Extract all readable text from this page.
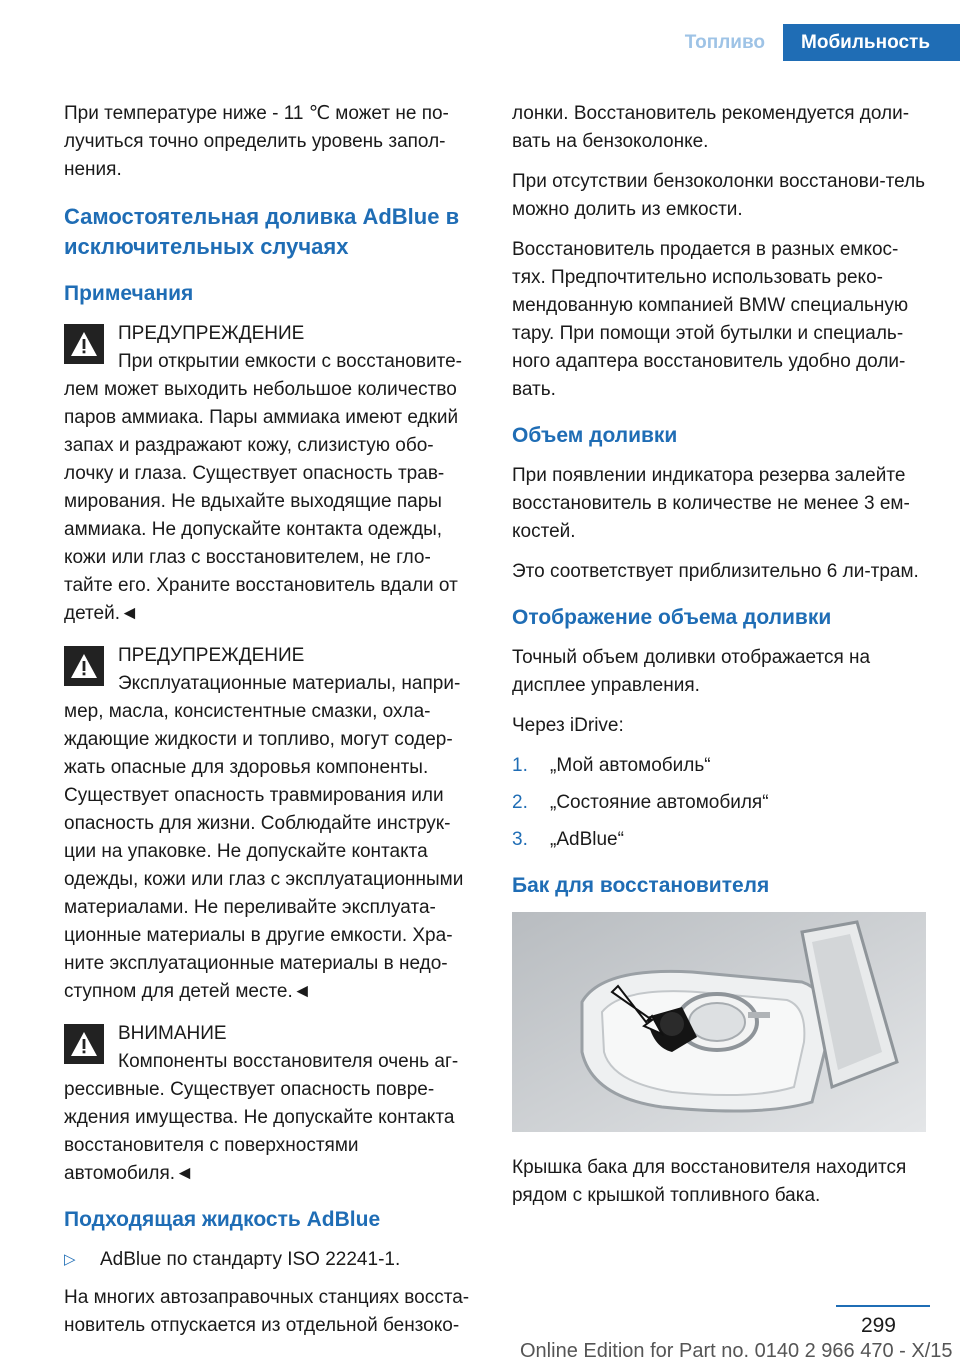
Топливо	Мобильность

При температуре ниже - 11 ℃ может не по-лучиться точно определить уровень запол-нения.

Самостоятельная доливка AdBlue в исключительных случаях
Примечания

ПРЕДУПРЕЖДЕНИЕ

При открытии емкости с восстановите-

лем может выходить небольшое количество паров аммиака. Пары аммиака имеют едкий запах и раздражают кожу, слизистую обо-лочку и глаза. Существует опасность трав-мирования. Не вдыхайте выходящие пары аммиака. Не допускайте контакта одежды, кожи или глаз с восстановителем, не гло-тайте его. Храните восстановитель вдали от детей.◄

ПРЕДУПРЕЖДЕНИЕ

Эксплуатационные материалы, напри-

мер, масла, консистентные смазки, охла-ждающие жидкости и топливо, могут содер-жать опасные для здоровья компоненты. Существует опасность травмирования или опасность для жизни. Соблюдайте инструк-ции на упаковке. Не допускайте контакта одежды, кожи или глаз с эксплуатационными материалами. Не переливайте эксплуата-ционные материалы в другие емкости. Хра-ните эксплуатационные материалы в недо-ступном для детей месте.◄

ВНИМАНИЕ

Компоненты восстановителя очень аг-

рессивные. Существует опасность повре-ждения имущества. Не допускайте контакта восстановителя с поверхностями автомобиля.◄

Подходящая жидкость AdBlue
▷	AdBlue по стандарту ISO 22241-1.

На многих автозаправочных станциях восста-новитель отпускается из отдельной бензоко-

лонки. Восстановитель рекомендуется доли-вать на бензоколонке.

При отсутствии бензоколонки восстанови-тель можно долить из емкости.

Восстановитель продается в разных емкос-тях. Предпочтительно использовать реко-мендованную компанией BMW специальную тару. При помощи этой бутылки и специаль-ного адаптера восстановитель удобно доли-вать.

Объем доливки

При появлении индикатора резерва залейте восстановитель в количестве не менее 3 ем-костей.

Это соответствует приблизительно 6 ли-трам.

Отображение объема доливки

Точный объем доливки отображается на дисплее управления.

Через iDrive:

1.	„Мой автомобиль“
2.	„Состояние автомобиля“
3.	„AdBlue“
Бак для восстановителя

Крышка бака для восстановителя находится рядом с крышкой топливного бака.

299
Online Edition for Part no. 0140 2 966 470 - X/15
